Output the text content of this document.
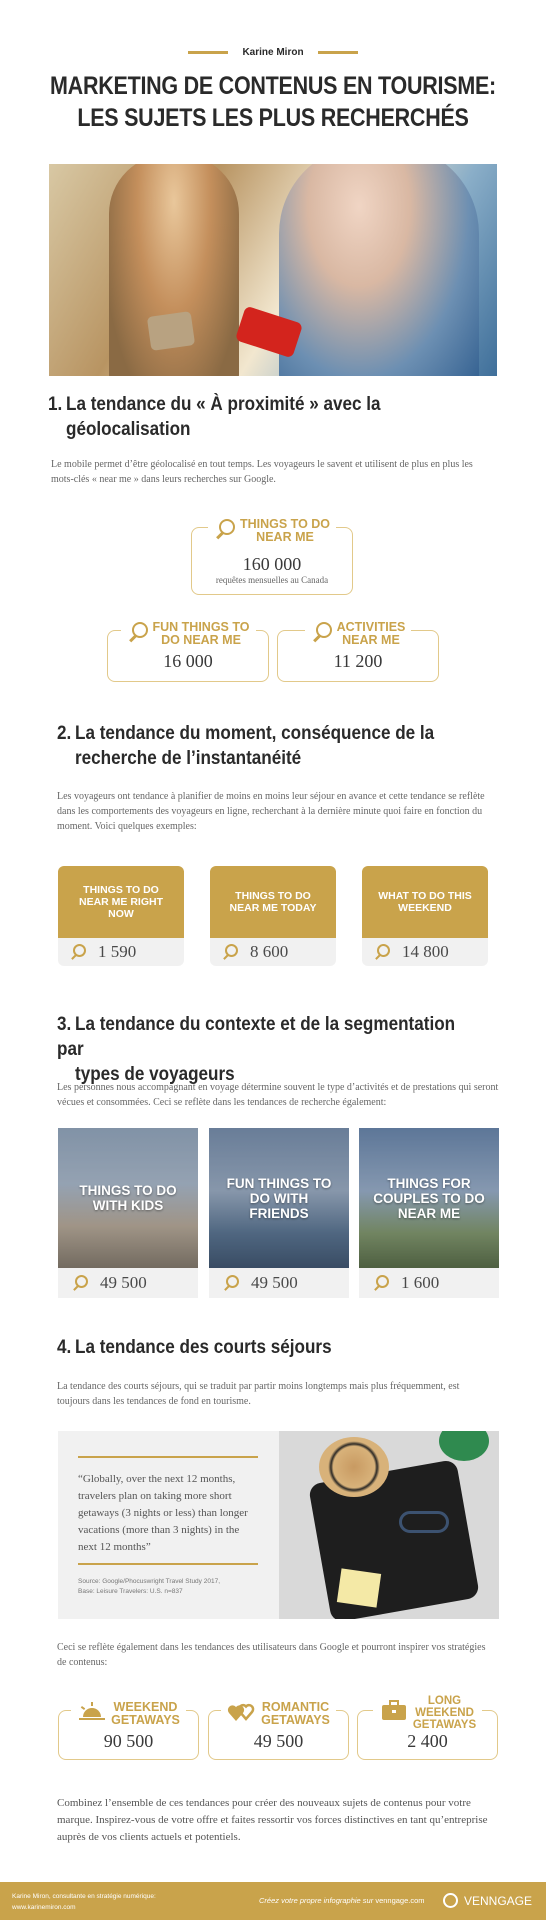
Karine Miron
MARKETING DE CONTENUS EN TOURISME:
LES SUJETS LES PLUS RECHERCHÉS
1. La tendance du « À proximité » avec la
géolocalisation
Le mobile permet d’être géolocalisé en tout temps. Les voyageurs le savent et utilisent de plus en plus les mots-clés « near me » dans leurs recherches sur Google.
THINGS TO DO
NEAR ME
160 000
requêtes mensuelles au Canada
FUN THINGS TO
DO NEAR ME
16 000
ACTIVITIES
NEAR ME
11 200
2. La tendance du moment, conséquence de la
recherche de l’instantanéité
Les voyageurs ont tendance à planifier de moins en moins leur séjour en avance et cette tendance se reflète dans les comportements des voyageurs en ligne, recherchant à la dernière minute quoi faire en fonction du moment. Voici quelques exemples:
THINGS TO DO NEAR ME RIGHT NOW
1 590
THINGS TO DO NEAR ME TODAY
8 600
WHAT TO DO THIS WEEKEND
14 800
3. La tendance du contexte et de la segmentation par
types de voyageurs
Les personnes nous accompagnant en voyage détermine souvent le type d’activités et de prestations qui seront vécues et consommées. Ceci se reflète dans les tendances de recherche également:
THINGS TO DO WITH KIDS
49 500
FUN THINGS TO DO WITH FRIENDS
49 500
THINGS FOR COUPLES TO DO NEAR ME
1 600
4. La tendance des courts séjours
La tendance des courts séjours, qui se traduit par partir moins longtemps mais plus fréquemment, est toujours dans les tendances de fond en tourisme.
“Globally, over the next 12 months, travelers plan on taking more short getaways (3 nights or less) than longer vacations (more than 3 nights) in the next 12 months”
Source: Google/Phocuswright Travel Study 2017,
Base: Leisure Travelers: U.S. n=837
Ceci se reflète également dans les tendances des utilisateurs dans Google et pourront inspirer vos stratégies de contenus:
WEEKEND
GETAWAYS
90 500
ROMANTIC
GETAWAYS
49 500
LONG
WEEKEND
GETAWAYS
2 400
Combinez l’ensemble de ces tendances pour créer des nouveaux sujets de contenus pour votre marque. Inspirez-vous de votre offre et faites ressortir vos forces distinctives en tant qu’entreprise auprès de vos clients actuels et potentiels.
Karine Miron, consultante en stratégie numérique:
www.karinemiron.com
Créez votre propre infographie sur venngage.com	VENNGAGE
